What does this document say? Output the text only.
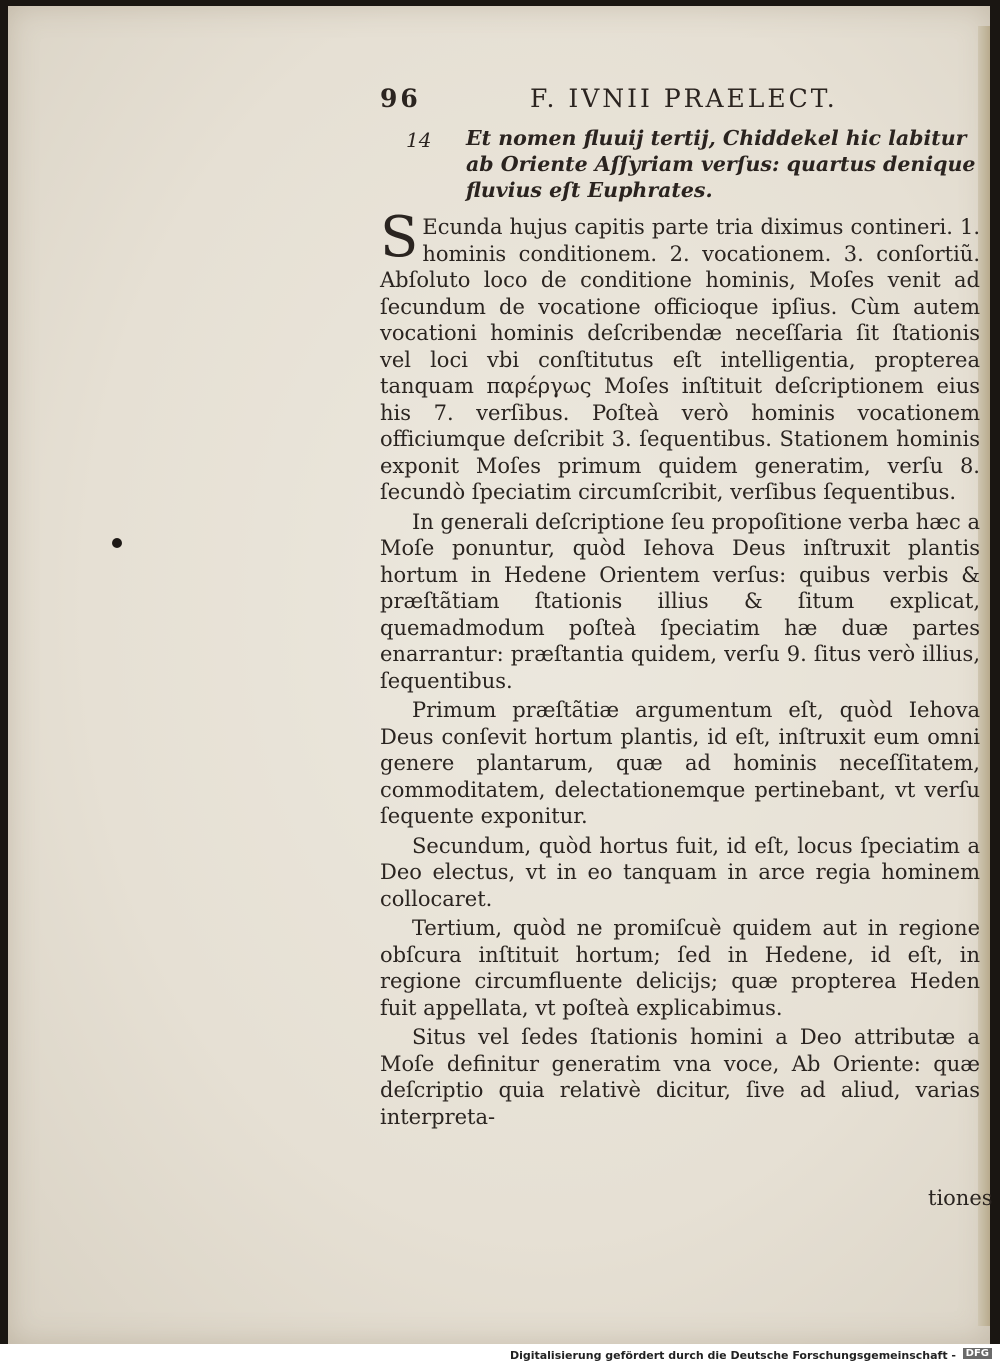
96	F. IVNII PRAELECT.
14 Et nomen fluuij tertij, Chiddekel hic labitur ab Oriente Aſſyriam verſus: quartus denique fluvius eſt Euphrates.

S Ecunda hujus capitis parte tria diximus contineri. 1. hominis conditionem. 2. vocationem. 3. conſortiũ. Abſoluto loco de conditione hominis, Moſes venit ad ſecundum de vocatione officioque ipſius. Cùm autem vocationi hominis deſcribendæ neceſſaria ſit ſtationis vel loci vbi conſtitutus eſt intelligentia, propterea tanquam παρέργως Moſes inſtituit deſcriptionem eius his 7. verſibus. Poſteà verò hominis vocationem officiumque deſcribit 3. ſequentibus. Stationem hominis exponit Moſes primum quidem generatim, verſu 8. ſecundò ſpeciatim circumſcribit, verſibus ſequentibus.

In generali deſcriptione ſeu propoſitione verba hæc a Moſe ponuntur, quòd Iehova Deus inſtruxit plantis hortum in Hedene Orientem verſus: quibus verbis & præſtãtiam ſtationis illius & ſitum explicat, quemadmodum poſteà ſpeciatim hæ duæ partes enarrantur: præſtantia quidem, verſu 9. ſitus verò illius, ſequentibus.

Primum præſtãtiæ argumentum eſt, quòd Iehova Deus conſevit hortum plantis, id eſt, inſtruxit eum omni genere plantarum, quæ ad hominis neceſſitatem, commoditatem, delectationemque pertinebant, vt verſu ſequente exponitur.

Secundum, quòd hortus fuit, id eſt, locus ſpeciatim a Deo electus, vt in eo tanquam in arce regia hominem collocaret.

Tertium, quòd ne promiſcuè quidem aut in regione obſcura inſtituit hortum; ſed in Hedene, id eſt, in regione circumfluente delicijs; quæ propterea Heden fuit appellata, vt poſteà explicabimus.

Situs vel ſedes ſtationis homini a Deo attributæ a Moſe definitur generatim vna voce, Ab Oriente: quæ deſcriptio quia relativè dicitur, ſive ad aliud, varias interpreta-

tiones
Digitalisierung gefördert durch die Deutsche Forschungsgemeinschaft - DFG
